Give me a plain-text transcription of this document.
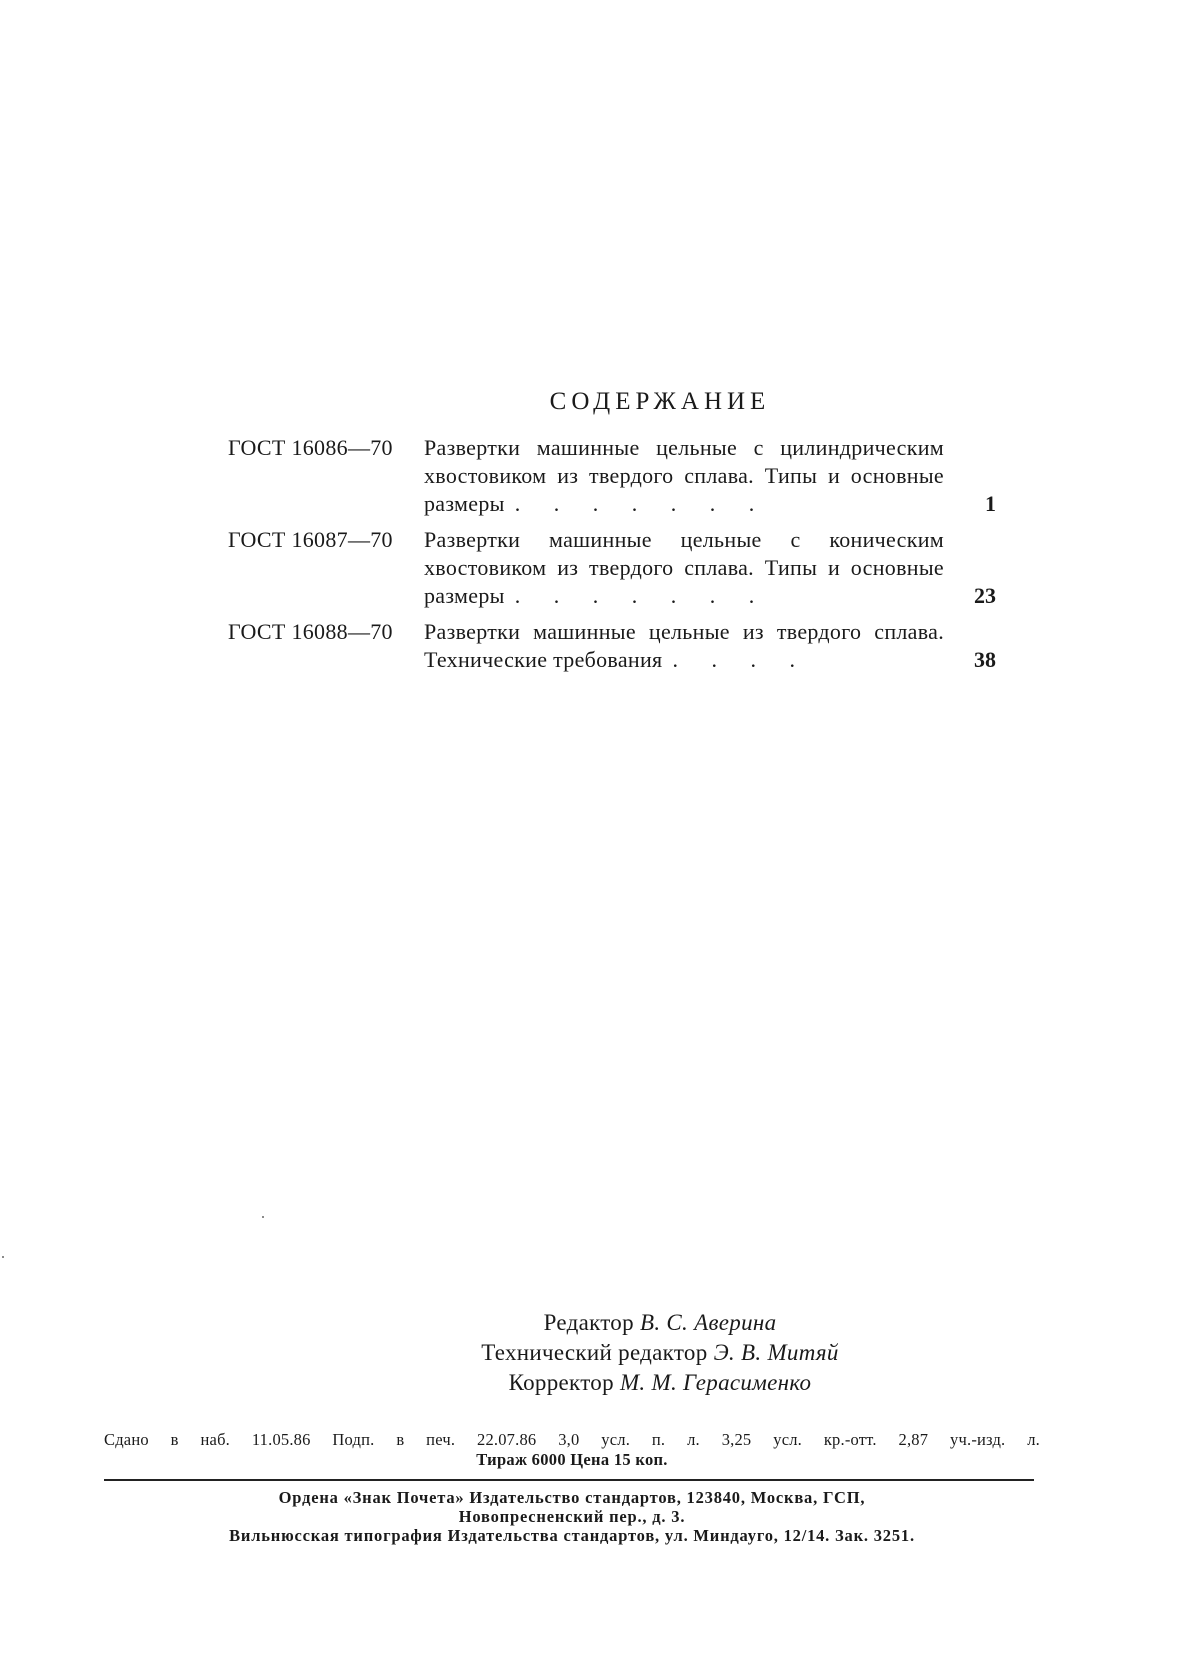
СОДЕРЖАНИЕ
ГОСТ 16086—70	Развертки машинные цельные с цилиндрическим хвостовиком из твердого сплава. Типы и основные размеры . . . . . . .	1
ГОСТ 16087—70	Развертки машинные цельные с коническим хвостовиком из твердого сплава. Типы и основные размеры . . . . . . .	23
ГОСТ 16088—70	Развертки машинные цельные из твердого сплава. Технические требования . . . .	38
Редактор В. С. Аверина
Технический редактор Э. В. Митяй
Корректор М. М. Герасименко
Сдано в наб. 11.05.86 Подп. в печ. 22.07.86 3,0 усл. п. л. 3,25 усл. кр.-отт. 2,87 уч.-изд. л.
Тираж 6000 Цена 15 коп.
Ордена «Знак Почета» Издательство стандартов, 123840, Москва, ГСП,
Новопресненский пер., д. 3.
Вильнюсская типография Издательства стандартов, ул. Миндауго, 12/14. Зак. 3251.
